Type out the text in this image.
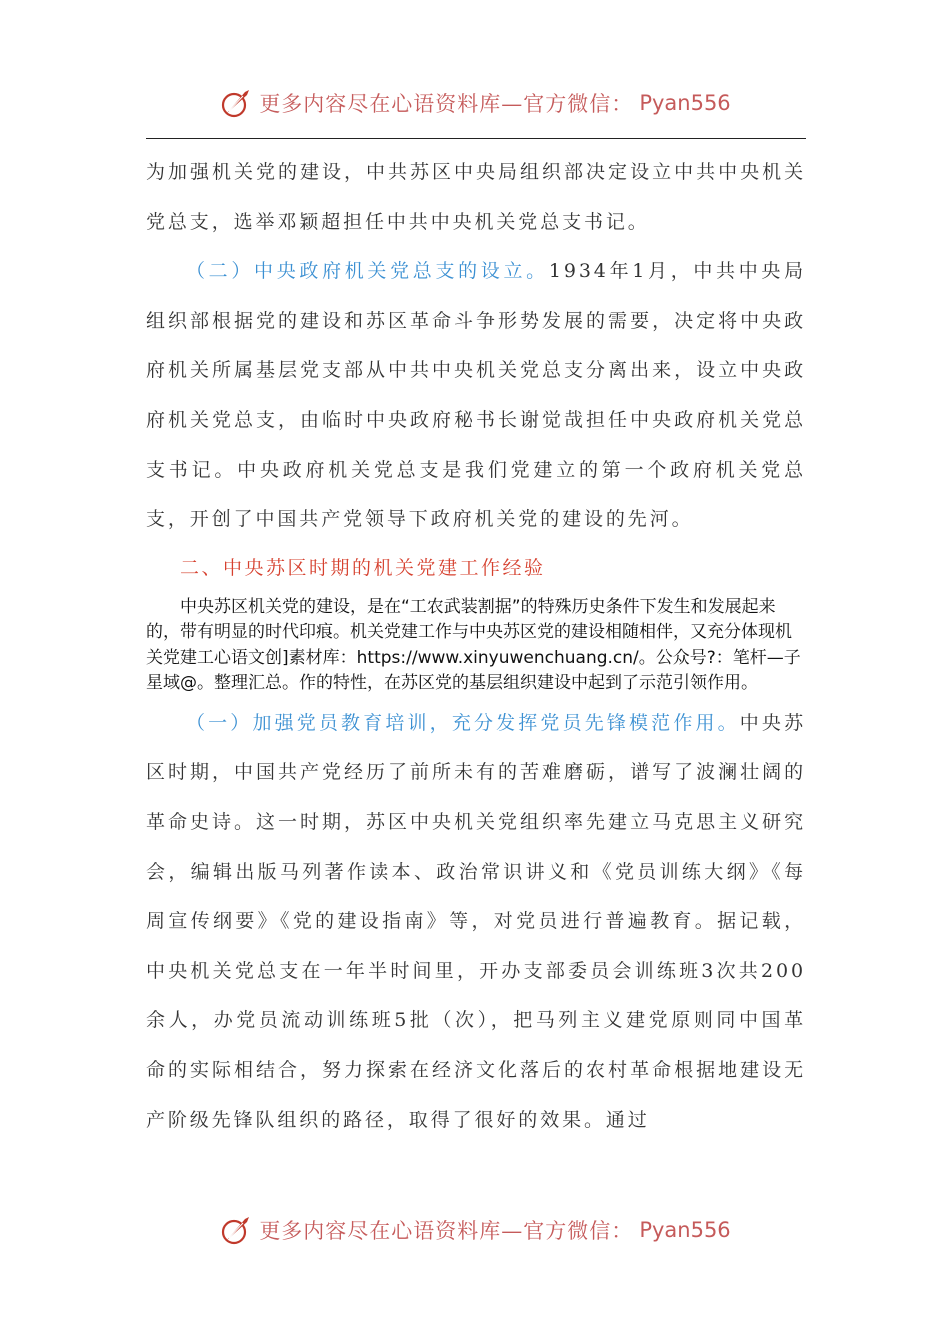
更多内容尽在心语资料库—官方微信： Pyan556

为加强机关党的建设，中共苏区中央局组织部决定设立中共中央机关党总支，选举邓颖超担任中共中央机关党总支书记。

（二）中央政府机关党总支的设立。1934年1月，中共中央局组织部根据党的建设和苏区革命斗争形势发展的需要，决定将中央政府机关所属基层党支部从中共中央机关党总支分离出来，设立中央政府机关党总支，由临时中央政府秘书长谢觉哉担任中央政府机关党总支书记。中央政府机关党总支是我们党建立的第一个政府机关党总支，开创了中国共产党领导下政府机关党的建设的先河。

二、中央苏区时期的机关党建工作经验

中央苏区机关党的建设，是在“工农武装割据”的特殊历史条件下发生和发展起来的，带有明显的时代印痕。机关党建工作与中央苏区党的建设相随相伴，又充分体现机关党建工心语文创]素材库：https://www.xinyuwenchuang.cn/。公众号?：笔杆—子星域@。整理汇总。作的特性，在苏区党的基层组织建设中起到了示范引领作用。

（一）加强党员教育培训，充分发挥党员先锋模范作用。中央苏区时期，中国共产党经历了前所未有的苦难磨砺，谱写了波澜壮阔的革命史诗。这一时期，苏区中央机关党组织率先建立马克思主义研究会，编辑出版马列著作读本、政治常识讲义和《党员训练大纲》《每周宣传纲要》《党的建设指南》等，对党员进行普遍教育。据记载，中央机关党总支在一年半时间里，开办支部委员会训练班3次共200余人，办党员流动训练班5批（次），把马列主义建党原则同中国革命的实际相结合，努力探索在经济文化落后的农村革命根据地建设无产阶级先锋队组织的路径，取得了很好的效果。通过

更多内容尽在心语资料库—官方微信： Pyan556
